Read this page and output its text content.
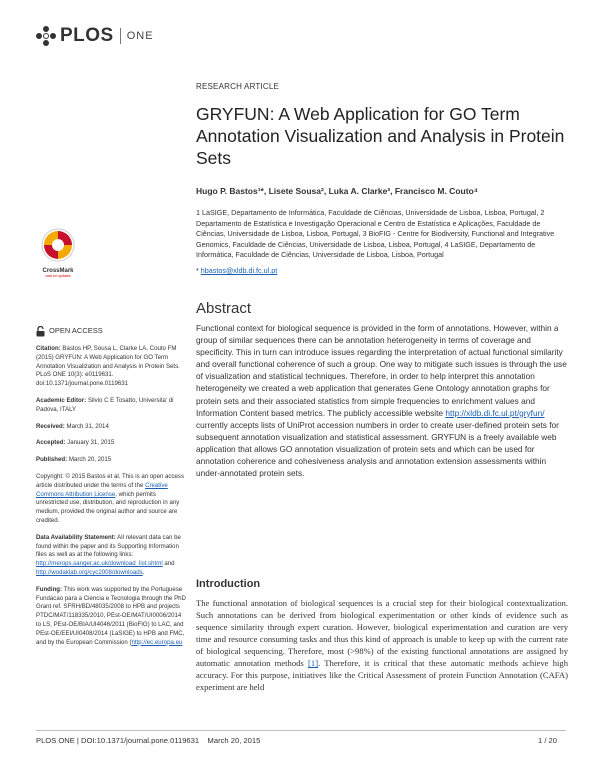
PLOS ONE
RESEARCH ARTICLE
GRYFUN: A Web Application for GO Term Annotation Visualization and Analysis in Protein Sets
Hugo P. Bastos¹*, Lisete Sousa², Luka A. Clarke³, Francisco M. Couto⁴
1 LaSIGE, Departamento de Informática, Faculdade de Ciências, Universidade de Lisboa, Lisboa, Portugal, 2 Departamento de Estatística e Investigação Operacional e Centro de Estatística e Aplicações, Faculdade de Ciências, Universidade de Lisboa, Lisboa, Portugal, 3 BioFIG - Centre for Biodiversity, Functional and Integrative Genomics, Faculdade de Ciências, Universidade de Lisboa, Lisboa, Portugal, 4 LaSIGE, Departamento de Informática, Faculdade de Ciências, Universidade de Lisboa, Lisboa, Portugal
* hbastos@xldb.di.fc.ul.pt
CrossMark
click for updates
Abstract
Functional context for biological sequence is provided in the form of annotations. However, within a group of similar sequences there can be annotation heterogeneity in terms of coverage and specificity. This in turn can introduce issues regarding the interpretation of actual functional similarity and overall functional coherence of such a group. One way to mitigate such issues is through the use of visualization and statistical techniques. Therefore, in order to help interpret this annotation heterogeneity we created a web application that generates Gene Ontology annotation graphs for protein sets and their associated statistics from simple frequencies to enrichment values and Information Content based metrics. The publicly accessible website http://xldb.di.fc.ul.pt/gryfun/ currently accepts lists of UniProt accession numbers in order to create user-defined protein sets for subsequent annotation visualization and statistical assessment. GRYFUN is a freely available web application that allows GO annotation visualization of protein sets and which can be used for annotation coherence and cohesiveness analysis and annotation extension assessments within under-annotated protein sets.
OPEN ACCESS

Citation: Bastos HP, Sousa L, Clarke LA, Couto FM (2015) GRYFUN: A Web Application for GO Term Annotation Visualization and Analysis in Protein Sets. PLoS ONE 10(3): e0119631. doi:10.1371/journal.pone.0119631

Academic Editor: Silvio C E Tosatto, Universita' di Padova, ITALY

Received: March 31, 2014

Accepted: January 31, 2015

Published: March 20, 2015

Copyright: © 2015 Bastos et al. This is an open access article distributed under the terms of the Creative Commons Attribution License, which permits unrestricted use, distribution, and reproduction in any medium, provided the original author and source are credited.

Data Availability Statement: All relevant data can be found within the paper and its Supporting Information files as well as at the following links: http://merops.sanger.ac.uk/download_list.shtml and http://wodaklab.org/cyc2008/downloads.

Funding: This work was supported by the Portuguese Fundacao para a Ciencia e Tecnologia through the PhD Grant ref. SFRH/BD/48035/2008 to HPB and projects PTDC/MAT/118335/2010, PEst-OE/MAT/UI0006/2014 to LS, PEst-OE/BIA/UI4046/2011 (BioFIG) to LAC, and PEst-OE/EEI/UI0408/2014 (LaSIGE) to HPB and FMC, and by the European Commission (http://ec.europa.eu

Introduction
The functional annotation of biological sequences is a crucial step for their biological contextualization. Such annotations can be derived from biological experimentation or other kinds of evidence such as sequence similarity through expert curation. However, biological experimentation and curation are very time and resource consuming tasks and thus this kind of approach is unable to keep up with the current rate of biological sequencing. Therefore, most (>98%) of the existing functional annotations are assigned by automatic annotation methods [1]. Therefore, it is critical that these automatic methods achieve high accuracy. For this purpose, initiatives like the Critical Assessment of protein Function Annotation (CAFA) experiment are held
PLOS ONE | DOI:10.1371/journal.pone.0119631    March 20, 2015	1 / 20
